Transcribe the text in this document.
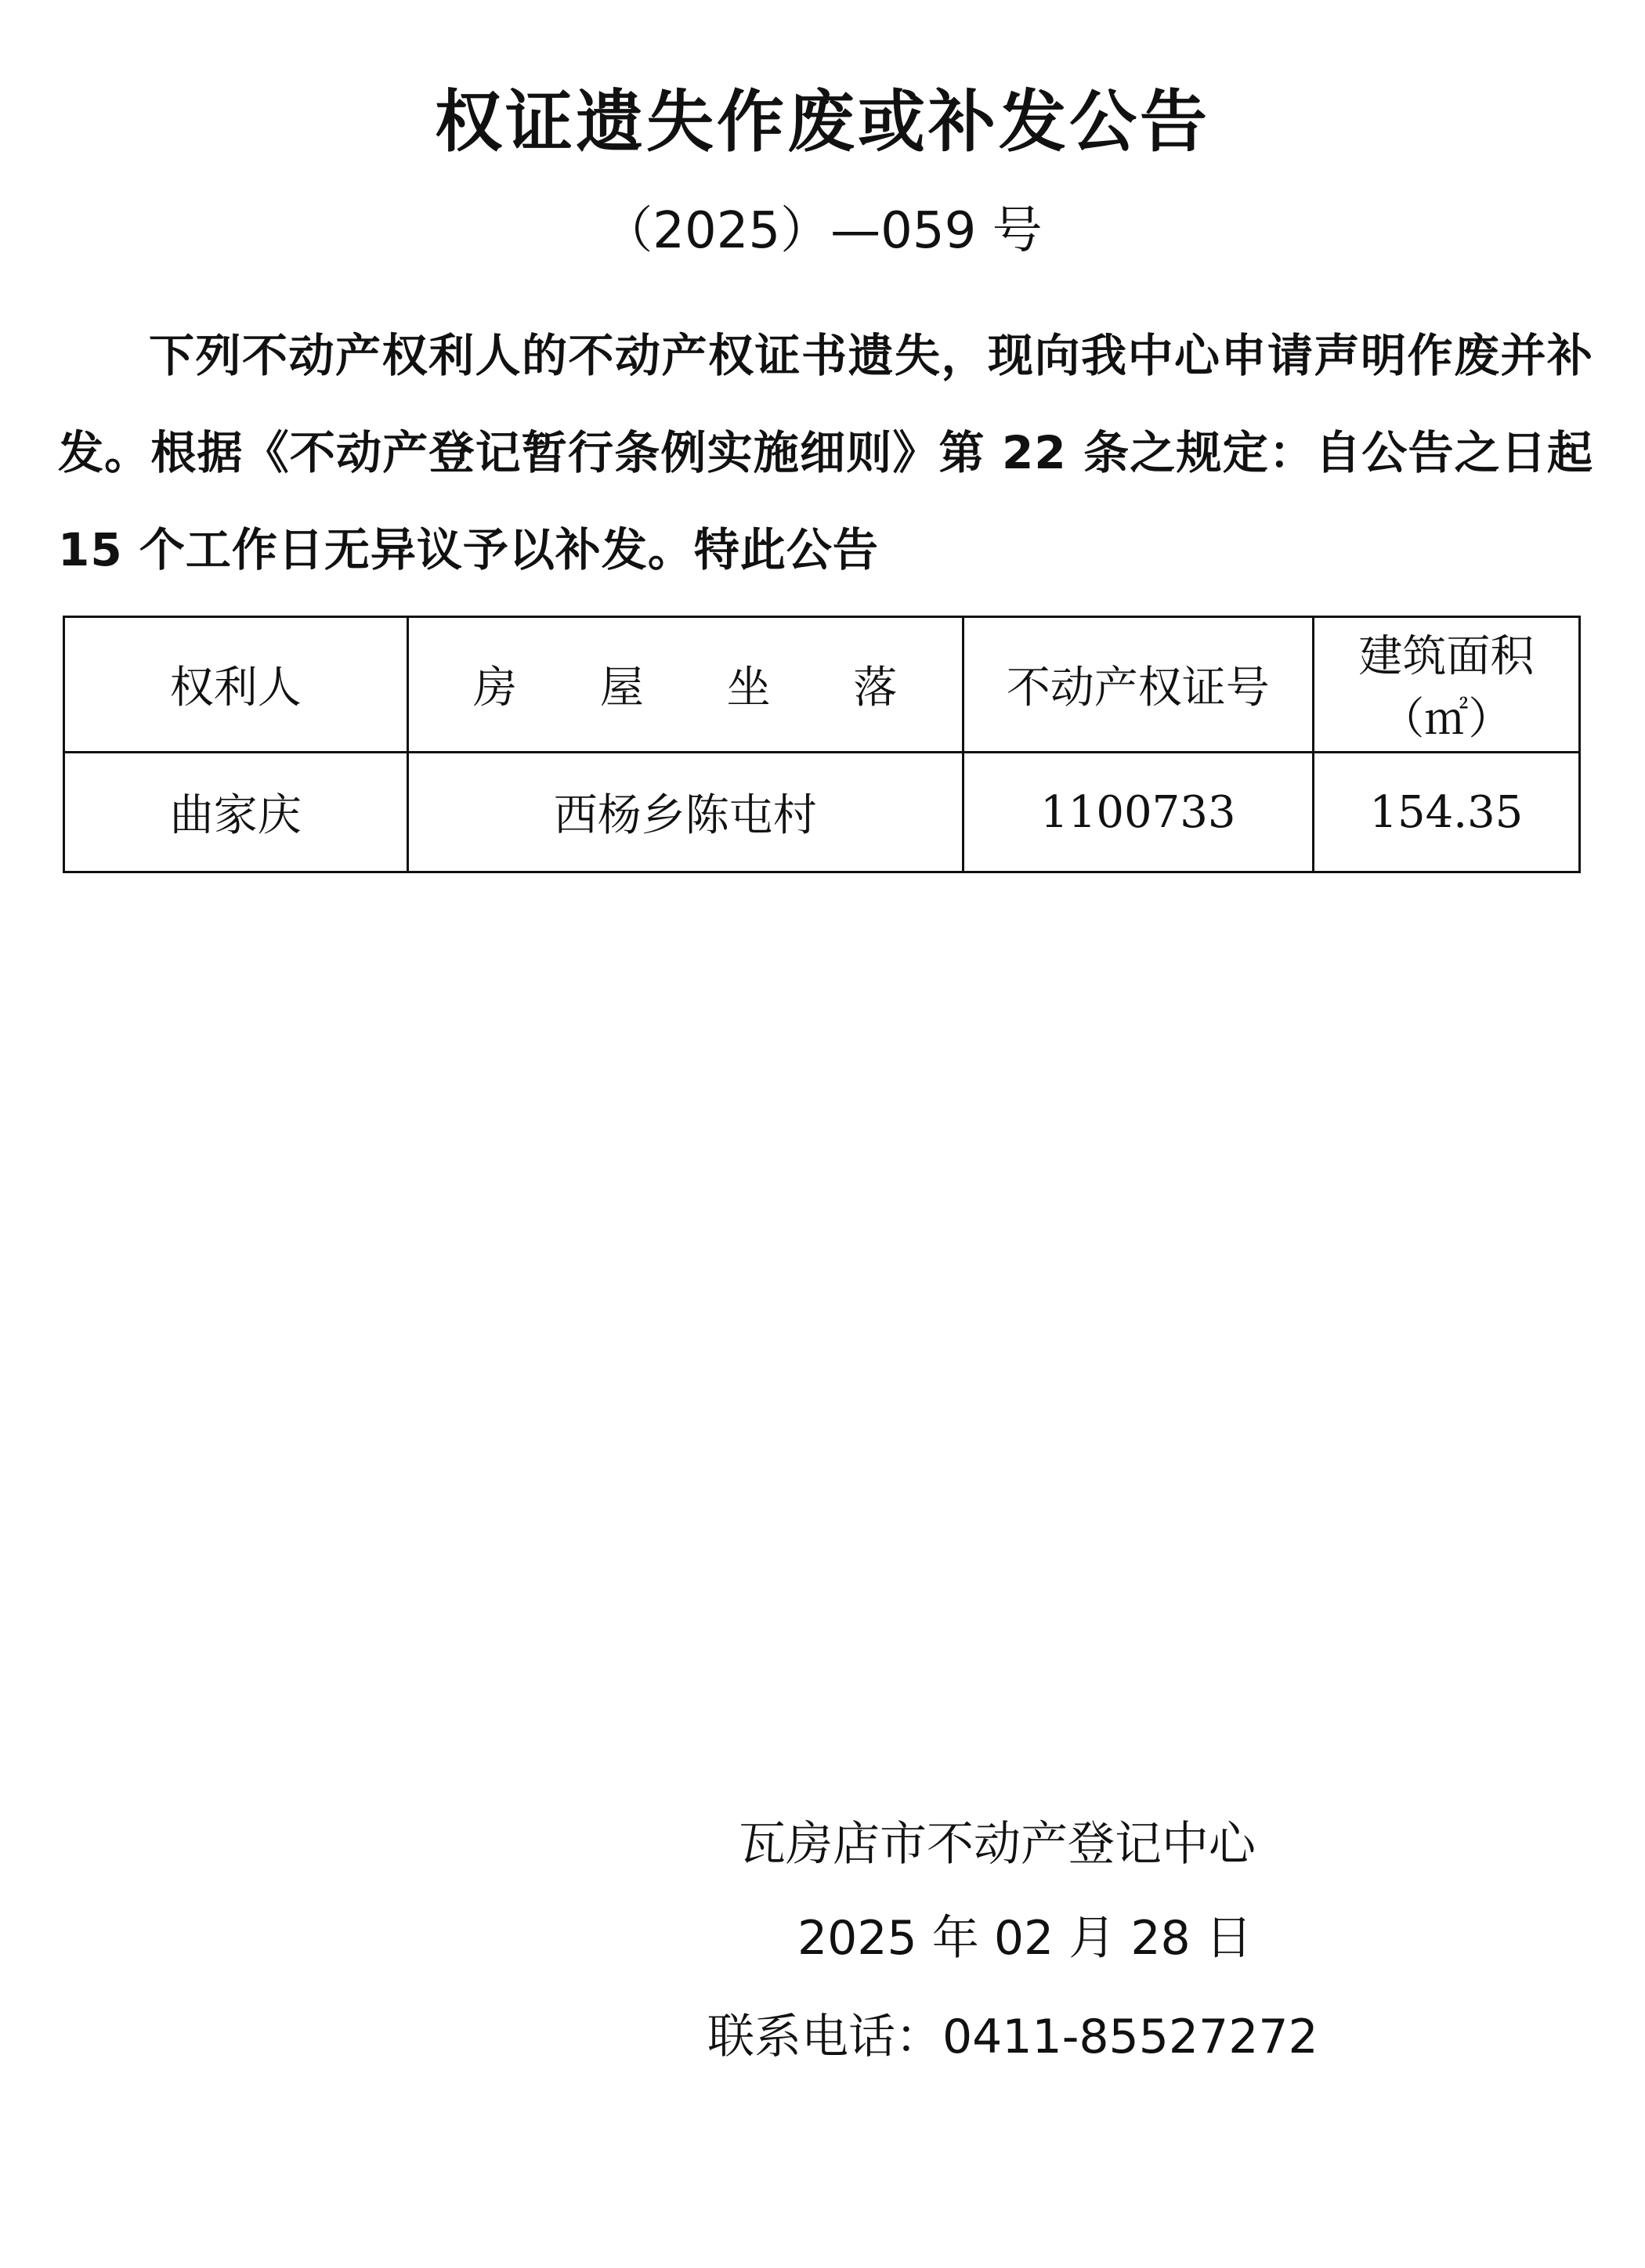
权证遗失作废或补发公告
（2025）—059 号
下列不动产权利人的不动产权证书遗失，现向我中心申请声明作废并补发。根据《不动产登记暂行条例实施细则》第 22 条之规定：自公告之日起 15 个工作日无异议予以补发。特此公告
权利人	房 屋 坐 落	不动产权证号	建筑面积
（㎡）

曲家庆	西杨乡陈屯村	1100733	154.35
瓦房店市不动产登记中心
2025 年 02 月 28 日
联系电话：0411-85527272
